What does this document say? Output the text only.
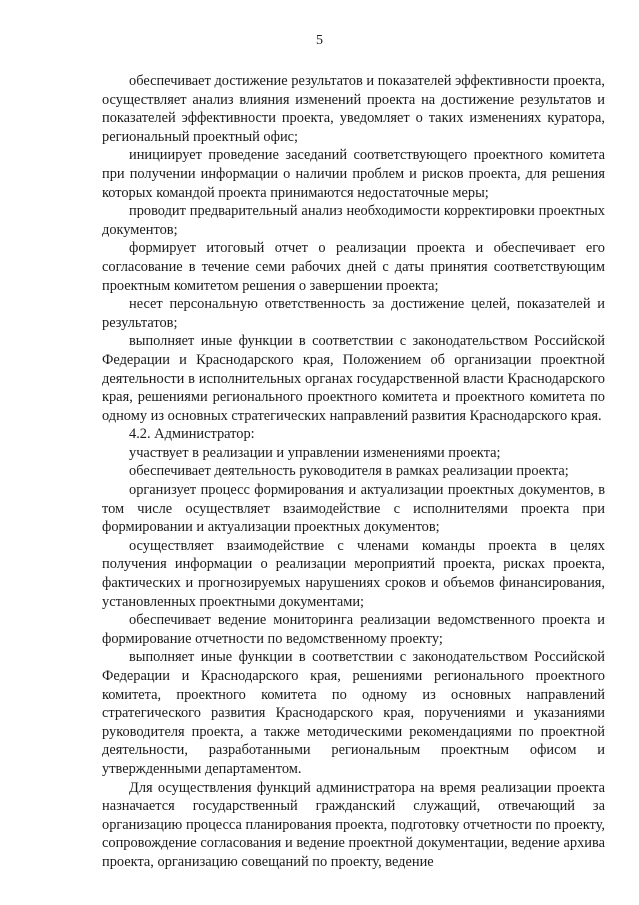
5

обеспечивает достижение результатов и показателей эффективности проекта, осуществляет анализ влияния изменений проекта на достижение результатов и показателей эффективности проекта, уведомляет о таких изменениях куратора, региональный проектный офис;

инициирует проведение заседаний соответствующего проектного комитета при получении информации о наличии проблем и рисков проекта, для решения которых командой проекта принимаются недостаточные меры;

проводит предварительный анализ необходимости корректировки проектных документов;

формирует итоговый отчет о реализации проекта и обеспечивает его согласование в течение семи рабочих дней с даты принятия соответствующим проектным комитетом решения о завершении проекта;

несет персональную ответственность за достижение целей, показателей и результатов;

выполняет иные функции в соответствии с законодательством Российской Федерации и Краснодарского края, Положением об организации проектной деятельности в исполнительных органах государственной власти Краснодарского края, решениями регионального проектного комитета и проектного комитета по одному из основных стратегических направлений развития Краснодарского края.

4.2. Администратор:

участвует в реализации и управлении изменениями проекта;

обеспечивает деятельность руководителя в рамках реализации проекта;

организует процесс формирования и актуализации проектных документов, в том числе осуществляет взаимодействие с исполнителями проекта при формировании и актуализации проектных документов;

осуществляет взаимодействие с членами команды проекта в целях получения информации о реализации мероприятий проекта, рисках проекта, фактических и прогнозируемых нарушениях сроков и объемов финансирования, установленных проектными документами;

обеспечивает ведение мониторинга реализации ведомственного проекта и формирование отчетности по ведомственному проекту;

выполняет иные функции в соответствии с законодательством Российской Федерации и Краснодарского края, решениями регионального проектного комитета, проектного комитета по одному из основных направлений стратегического развития Краснодарского края, поручениями и указаниями руководителя проекта, а также методическими рекомендациями по проектной деятельности, разработанными региональным проектным офисом и утвержденными департаментом.

Для осуществления функций администратора на время реализации проекта назначается государственный гражданский служащий, отвечающий за организацию процесса планирования проекта, подготовку отчетности по проекту, сопровождение согласования и ведение проектной документации, ведение архива проекта, организацию совещаний по проекту, ведение
